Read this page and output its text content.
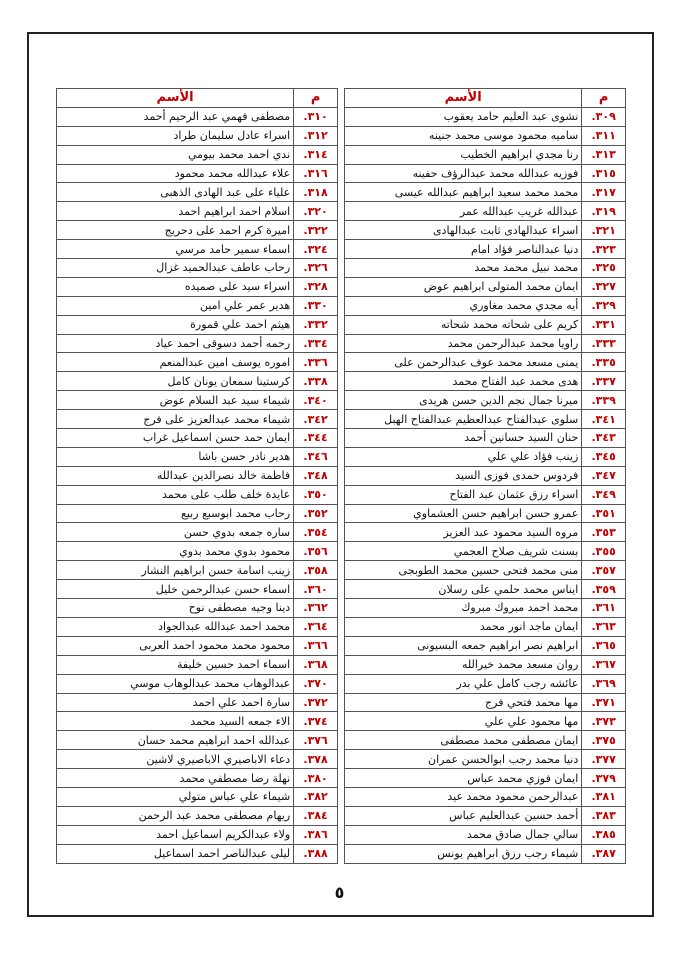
م	الأسم
٣٠٩.	نشوى عبد العليم حامد يعقوب
٣١١.	ساميه محمود موسى محمد جنينه
٣١٣.	رنا مجدي ابراهيم الخطيب
٣١٥.	فوزيه عبدالله محمد عبدالرؤف حفينه
٣١٧.	محمد محمد سعيد ابراهيم عبدالله عيسى
٣١٩.	عبدالله غريب عبدالله عمر
٣٢١.	اسراء عبدالهادى ثابت عبدالهادى
٣٢٣.	دنيا عبدالناصر فؤاد امام
٣٢٥.	محمد نبيل محمد محمد
٣٢٧.	ايمان محمد المتولى ابراهيم عوض
٣٢٩.	أيه مجدي محمد مغاوري
٣٣١.	كريم على شحاته محمد شحاته
٣٣٣.	راويا محمد عبدالرحمن محمد
٣٣٥.	يمنى مسعد محمد عوف عبدالرحمن على
٣٣٧.	هدى محمد عبد الفتاح محمد
٣٣٩.	ميرنا جمال نجم الدين حسن هريدى
٣٤١.	سلوى عبدالفتاح عبدالعظيم عبدالفتاح الهبل
٣٤٣.	حنان السيد حسانين أحمد
٣٤٥.	زينب فؤاد علي علي
٣٤٧.	فردوس حمدى فوزى السيد
٣٤٩.	اسراء رزق عثمان عبد الفتاح
٣٥١.	عمرو حسن ابراهيم حسن العشماوي
٣٥٣.	مروه السيد محمود عبد العزيز
٣٥٥.	بسنت شريف صلاح العجمي
٣٥٧.	منى محمد فتحى حسين محمد الطوبجى
٣٥٩.	ايناس محمد حلمي على رسلان
٣٦١.	محمد احمد مبروك مبروك
٣٦٣.	ايمان ماجد انور محمد
٣٦٥.	ابراهيم نصر ابراهيم جمعه البسيونى
٣٦٧.	روان مسعد محمد خيرالله
٣٦٩.	عائشه رجب كامل علي بدر
٣٧١.	مها محمد فتحي فرج
٣٧٣.	مها محمود علي علي
٣٧٥.	ايمان مصطفى محمد مصطفى
٣٧٧.	دنيا محمد رجب ابوالحسن عمران
٣٧٩.	ايمان فوزي محمد عباس
٣٨١.	عبدالرحمن محمود محمد عيد
٣٨٣.	أحمد حسين عبدالعليم عباس
٣٨٥.	سالي جمال صادق محمد
٣٨٧.	شيماء رجب رزق ابراهيم يونس
م	الأسم
٣١٠.	مصطفى فهمي عبد الرحيم أحمد
٣١٢.	اسراء عادل سليمان طراد
٣١٤.	ندي احمد محمد بيومي
٣١٦.	علاء عبدالله محمد محمود
٣١٨.	علياء على عبد الهادى الذهبى
٣٢٠.	اسلام احمد ابراهيم احمد
٣٢٢.	اميرة كرم احمد على دحريج
٣٢٤.	اسماء سمير حامد مرسي
٣٢٦.	رحاب عاطف عبدالحميد غزال
٣٢٨.	اسراء سيد على صميده
٣٣٠.	هدير عمر علي امين
٣٣٢.	هيثم احمد علي قمورة
٣٣٤.	رحمه أحمد دسوقى احمد عياد
٣٣٦.	اموره يوسف امين عبدالمنعم
٣٣٨.	كرستينا سمعان يونان كامل
٣٤٠.	شيماء سيد عبد السلام عوض
٣٤٢.	شيماء محمد عبدالعزيز على فرج
٣٤٤.	ايمان حمد حسن اسماعيل غراب
٣٤٦.	هدير نادر حسن باشا
٣٤٨.	فاطمة خالد نصرالدين عبدالله
٣٥٠.	عايدة خلف طلب على محمد
٣٥٢.	رحاب محمد ابوسبع ربيع
٣٥٤.	ساره جمعه بدوي حسن
٣٥٦.	محمود بدوي محمد بدوي
٣٥٨.	زينب اسامة حسن ابراهيم النشار
٣٦٠.	اسماء حسن عبدالرحمن خليل
٣٦٢.	دينا وجيه مصطفى نوح
٣٦٤.	محمد احمد عبدالله عبدالجواد
٣٦٦.	محمود محمد محمود احمد العربى
٣٦٨.	اسماء احمد حسين خليفة
٣٧٠.	عبدالوهاب محمد عبدالوهاب موسي
٣٧٢.	سارة احمد علي احمد
٣٧٤.	الاء جمعه السيد محمد
٣٧٦.	عبدالله احمد ابراهيم محمد حسان
٣٧٨.	دعاء الاباصيري الاباصيري لاشين
٣٨٠.	نهلة رضا مصطفي محمد
٣٨٢.	شيماء علي عباس متولي
٣٨٤.	ريهام مصطفى محمد عبد الرحمن
٣٨٦.	ولاء عبدالكريم اسماعيل احمد
٣٨٨.	ليلى عبدالناصر احمد اسماعيل
٥
